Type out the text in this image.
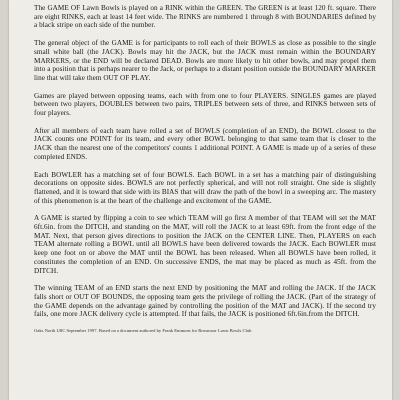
The GAME OF Lawn Bowls is played on a RINK within the GREEN. The GREEN is at least 120 ft. square. There are eight RINKS, each at least 14 feet wide. The RINKS are numbered 1 through 8 with BOUNDARIES defined by a black stripe on each side of the number.

The general object of the GAME is for participants to roll each of their BOWLS as close as possible to the single small white ball (the JACK). Bowls may hit the JACK, but the JACK must remain within the BOUNDARY MARKERS, or the END will be declared DEAD. Bowls are more likely to hit other bowls, and may propel them into a position that is perhaps nearer to the Jack, or perhaps to a distant position outside the BOUNDARY MARKER line that will take them OUT OF PLAY.

Games are played between opposing teams, each with from one to four PLAYERS. SINGLES games are played between two players, DOUBLES between two pairs, TRIPLES between sets of three, and RINKS between sets of four players.

After all members of each team have rolled a set of BOWLS (completion of an END), the BOWL closest to the JACK counts one POINT for its team, and every other BOWL belonging to that same team that is closer to the JACK than the nearest one of the competitors' counts 1 additional POINT. A GAME is made up of a series of these completed ENDS.

Each BOWLER has a matching set of four BOWLS. Each BOWL in a set has a matching pair of distinguishing decorations on opposite sides. BOWLS are not perfectly spherical, and will not roll straight. One side is slightly flattened, and it is toward that side with its BIAS that will draw the path of the bowl in a sweeping arc. The mastery of this phenomenon is at the heart of the challenge and excitement of the GAME.

A GAME is started by flipping a coin to see which TEAM will go first A member of that TEAM will set the MAT 6ft.6in. from the DITCH, and standing on the MAT, will roll the JACK to at least 69ft. from the front edge of the MAT. Next, that person gives directions to position the JACK on the CENTER LINE. Then, PLAYERS on each TEAM alternate rolling a BOWL until all BOWLS have been delivered towards the JACK. Each BOWLER must keep one foot on or above the MAT until the BOWL has been released. When all BOWLS have been rolled, it constitutes the completion of an END. On successive ENDS, the mat may be placed as much as 45ft. from the DITCH.

The winning TEAM of an END starts the next END by positioning the MAT and rolling the JACK. If the JACK falls short or OUT OF BOUNDS, the opposing team gets the privilege of rolling the JACK. (Part of the strategy of the GAME depends on the advantage gained by controlling the position of the MAT and JACK). If the second try fails, one more JACK delivery cycle is attempted. If that fails, the JACK is positioned 6ft.6in.from the DITCH.

Oaks North LBC September 1997. Based on a document authored by Frank Emmons for Rossmoor Lawn Bowls Club
